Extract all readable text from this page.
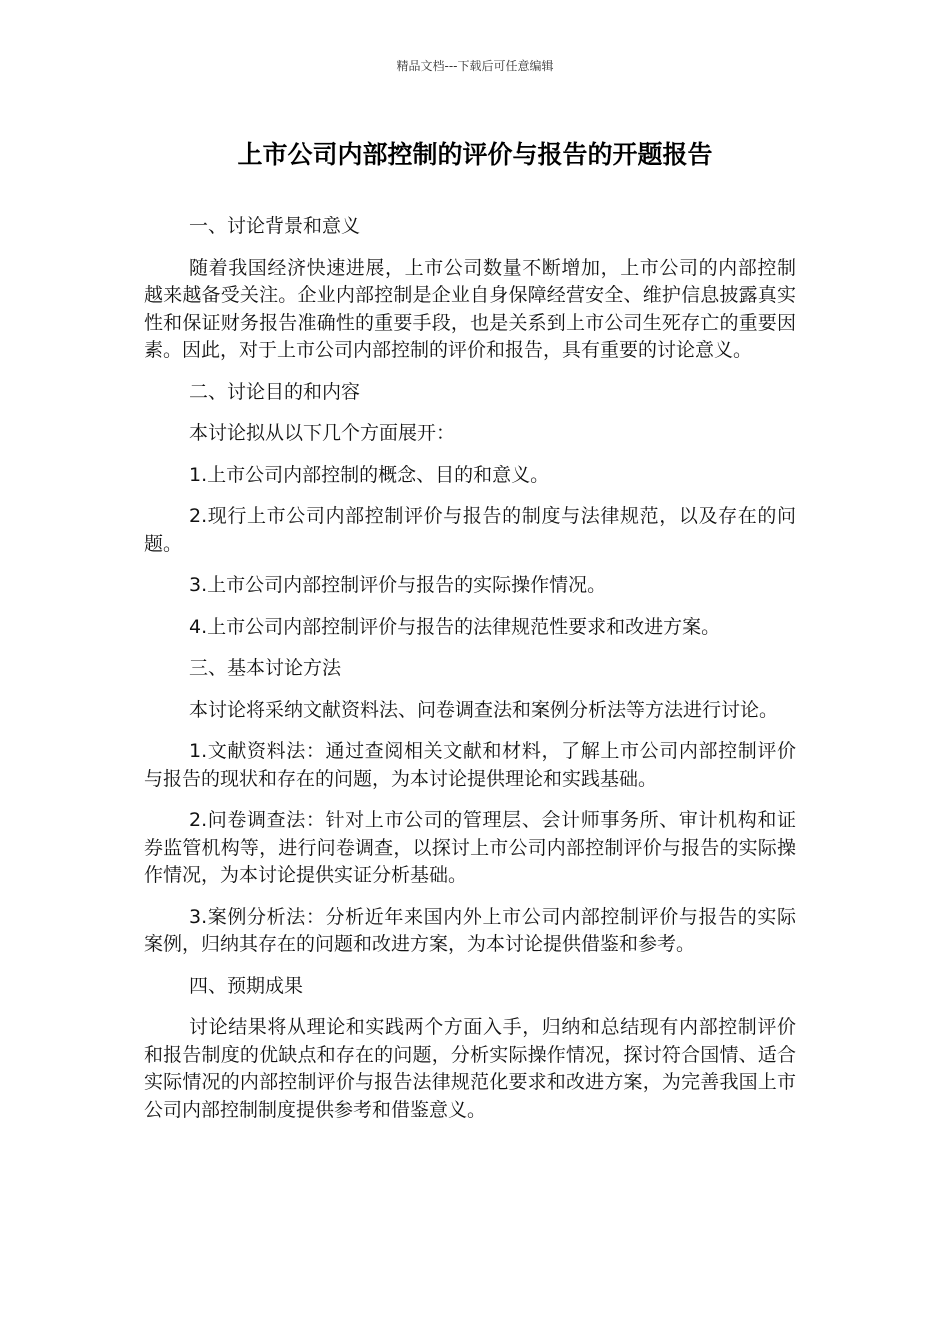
精品文档---下载后可任意编辑
上市公司内部控制的评价与报告的开题报告

一、讨论背景和意义

随着我国经济快速进展，上市公司数量不断增加，上市公司的内部控制越来越备受关注。企业内部控制是企业自身保障经营安全、维护信息披露真实性和保证财务报告准确性的重要手段，也是关系到上市公司生死存亡的重要因素。因此，对于上市公司内部控制的评价和报告，具有重要的讨论意义。

二、讨论目的和内容

本讨论拟从以下几个方面展开：

1.上市公司内部控制的概念、目的和意义。

2.现行上市公司内部控制评价与报告的制度与法律规范，以及存在的问题。

3.上市公司内部控制评价与报告的实际操作情况。

4.上市公司内部控制评价与报告的法律规范性要求和改进方案。

三、基本讨论方法

本讨论将采纳文献资料法、问卷调查法和案例分析法等方法进行讨论。

1.文献资料法：通过查阅相关文献和材料，了解上市公司内部控制评价与报告的现状和存在的问题，为本讨论提供理论和实践基础。

2.问卷调查法：针对上市公司的管理层、会计师事务所、审计机构和证券监管机构等，进行问卷调查，以探讨上市公司内部控制评价与报告的实际操作情况，为本讨论提供实证分析基础。

3.案例分析法：分析近年来国内外上市公司内部控制评价与报告的实际案例，归纳其存在的问题和改进方案，为本讨论提供借鉴和参考。

四、预期成果

讨论结果将从理论和实践两个方面入手，归纳和总结现有内部控制评价和报告制度的优缺点和存在的问题，分析实际操作情况，探讨符合国情、适合实际情况的内部控制评价与报告法律规范化要求和改进方案，为完善我国上市公司内部控制制度提供参考和借鉴意义。
